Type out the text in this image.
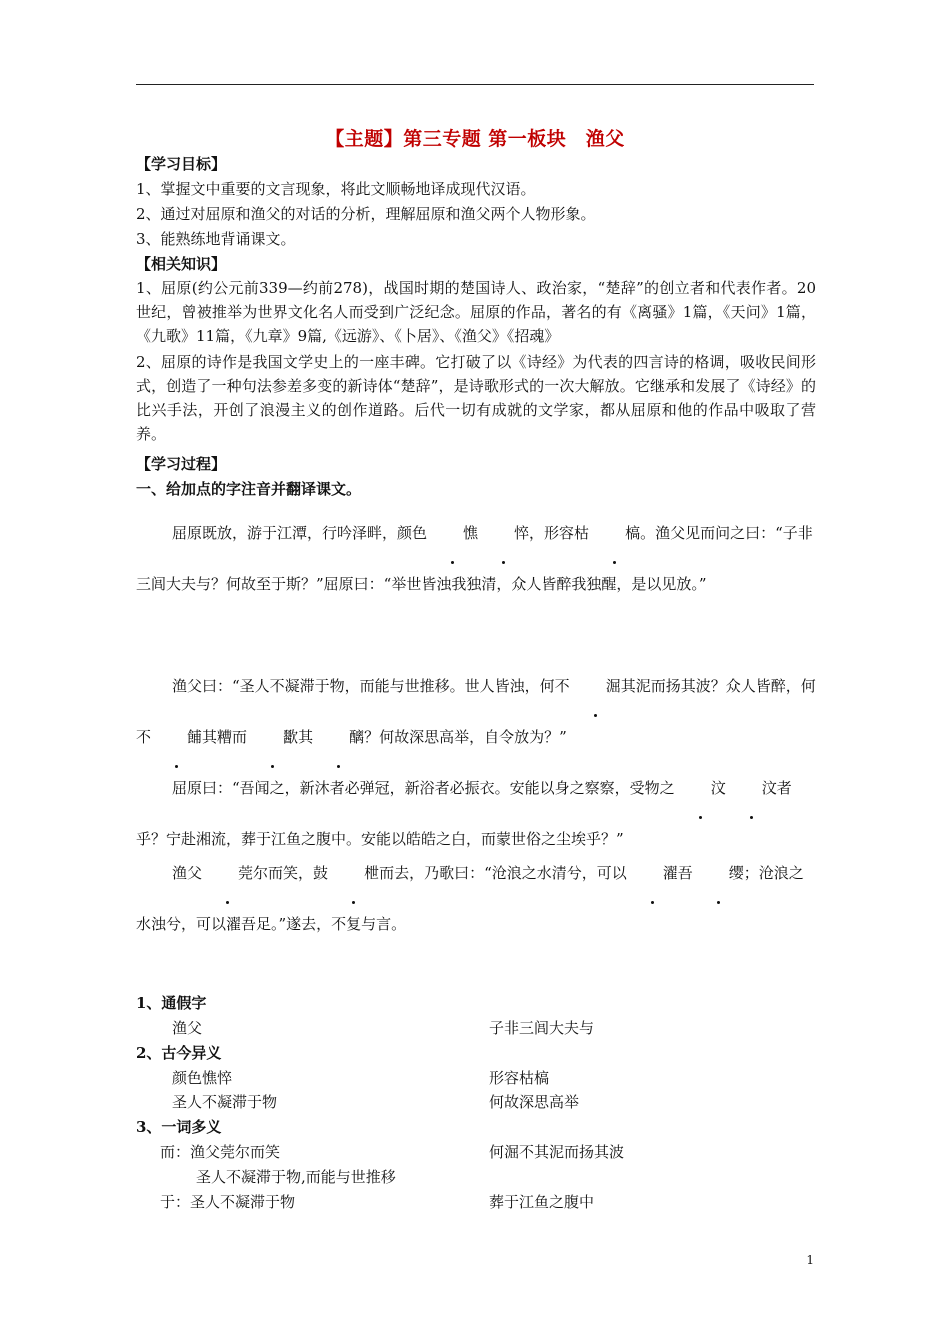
【主题】第三专题 第一板块　渔父
【学习目标】
1、掌握文中重要的文言现象，将此文顺畅地译成现代汉语。
2、通过对屈原和渔父的对话的分析，理解屈原和渔父两个人物形象。
3、能熟练地背诵课文。
【相关知识】
1、屈原(约公元前339—约前278)，战国时期的楚国诗人、政治家，“楚辞”的创立者和代表作者。20世纪，曾被推举为世界文化名人而受到广泛纪念。屈原的作品，著名的有《离骚》1篇，《天问》1篇，《九歌》11篇，《九章》9篇,《远游》、《卜居》、《渔父》《招魂》
2、屈原的诗作是我国文学史上的一座丰碑。它打破了以《诗经》为代表的四言诗的格调，吸收民间形式，创造了一种句法参差多变的新诗体“楚辞”，是诗歌形式的一次大解放。它继承和发展了《诗经》的比兴手法，开创了浪漫主义的创作道路。后代一切有成就的文学家，都从屈原和他的作品中吸取了营养。
【学习过程】
一、给加点的字注音并翻译课文。
屈原既放，游于江潭，行吟泽畔，颜色 憔 悴，形容枯 槁。渔父见而问之曰：“子非三闾大夫与？何故至于斯？”屈原曰：“举世皆浊我独清，众人皆醉我独醒，是以见放。”
渔父曰：“圣人不凝滞于物，而能与世推移。世人皆浊，何不 淈其泥而扬其波？众人皆醉，何不 餔其糟而 歠其 醨？何故深思高举，自令放为？”
屈原曰：“吾闻之，新沐者必弹冠，新浴者必振衣。安能以身之察察，受物之 汶 汶者乎？宁赴湘流，葬于江鱼之腹中。安能以皓皓之白，而蒙世俗之尘埃乎？”
渔父 莞尔而笑，鼓 枻而去，乃歌曰：“沧浪之水清兮，可以 濯吾 缨；沧浪之水浊兮，可以濯吾足。”遂去，不复与言。
1、通假字
渔父	子非三闾大夫与
2、古今异义
颜色憔悴	形容枯槁
圣人不凝滞于物	何故深思高举
3、一词多义
而：渔父莞尔而笑	何淈不其泥而扬其波
圣人不凝滞于物,而能与世推移
于：圣人不凝滞于物	葬于江鱼之腹中
1
